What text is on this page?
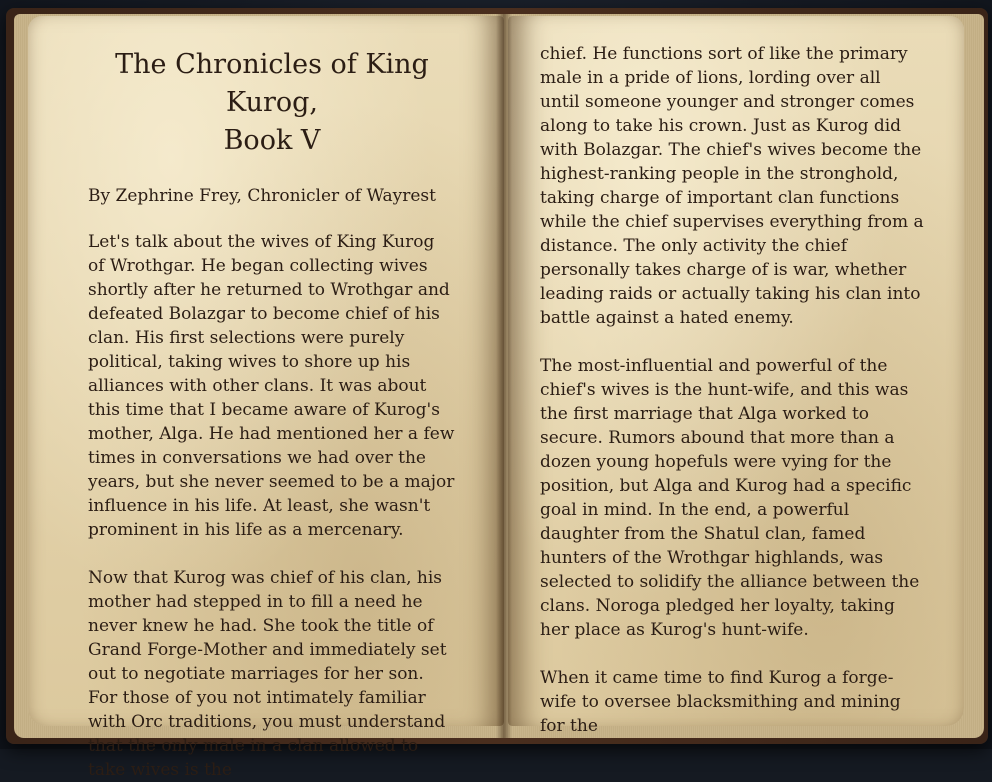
The Chronicles of King Kurog,
Book V

By Zephrine Frey, Chronicler of Wayrest

Let's talk about the wives of King Kurog of Wrothgar. He began collecting wives shortly after he returned to Wrothgar and defeated Bolazgar to become chief of his clan. His first selections were purely political, taking wives to shore up his alliances with other clans. It was about this time that I became aware of Kurog's mother, Alga. He had mentioned her a few times in conversations we had over the years, but she never seemed to be a major influence in his life. At least, she wasn't prominent in his life as a mercenary.

Now that Kurog was chief of his clan, his mother had stepped in to fill a need he never knew he had. She took the title of Grand Forge-Mother and immediately set out to negotiate marriages for her son. For those of you not intimately familiar with Orc traditions, you must understand that the only male in a clan allowed to take wives is the

chief. He functions sort of like the primary male in a pride of lions, lording over all until someone younger and stronger comes along to take his crown. Just as Kurog did with Bolazgar. The chief's wives become the highest-ranking people in the stronghold, taking charge of important clan functions while the chief supervises everything from a distance. The only activity the chief personally takes charge of is war, whether leading raids or actually taking his clan into battle against a hated enemy.

The most-influential and powerful of the chief's wives is the hunt-wife, and this was the first marriage that Alga worked to secure. Rumors abound that more than a dozen young hopefuls were vying for the position, but Alga and Kurog had a specific goal in mind. In the end, a powerful daughter from the Shatul clan, famed hunters of the Wrothgar highlands, was selected to solidify the alliance between the clans. Noroga pledged her loyalty, taking her place as Kurog's hunt-wife.

When it came time to find Kurog a forge-wife to oversee blacksmithing and mining for the
